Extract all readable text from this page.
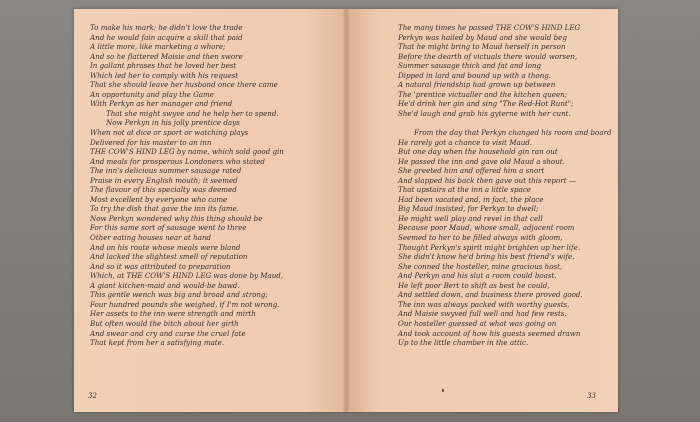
To make his mark; he didn't love the trade
And he would fain acquire a skill that paid
A little more, like marketing a whore;
And so he flattered Maisie and then swore
In gallant phrases that he loved her best
Which led her to comply with his request
That she should leave her husband once there came
An opportunity and play the Game
With Perkyn as her manager and friend
That she might swyve and he help her to spend.
Now Perkyn in his jolly prentice days
When not at dice or sport or watching plays
Delivered for his master to an inn
THE COW'S HIND LEG by name, which sold good gin
And meals for prosperous Londoners who stated
The inn's delicious summer sausage rated
Praise in every English mouth; it seemed
The flavour of this specialty was deemed
Most excellent by everyone who came
To try the dish that gave the inn its fame.
Now Perkyn wondered why this thing should be
For this same sort of sausage went to three
Other eating houses near at hand
And on his route whose meals were bland
And lacked the slightest smell of reputation
And so it was attributed to preparation
Which, at THE COW'S HIND LEG was done by Maud,
A giant kitchen-maid and would-be bawd.
This gentle wench was big and broad and strong;
Four hundred pounds she weighed, if I'm not wrong.
Her assets to the inn were strength and mirth
But often would the bitch about her girth
And swear and cry and curse the cruel fate
That kept from her a satisfying mate.
32
The many times he passed THE COW'S HIND LEG
Perkyn was hailed by Maud and she would beg
That he might bring to Maud herself in person
Before the dearth of victuals there would worsen,
Summer sausage thick and fat and long
Dipped in lard and bound up with a thong.
A natural friendship had grown up between
The 'prentice victualler and the kitchen queen;
He'd drink her gin and sing "The Red-Hot Runt";
She'd laugh and grab his gyterne with her cunt.
From the day that Perkyn changed his room and board
He rarely got a chance to visit Maud.
But one day when the household gin ran out
He passed the inn and gave old Maud a shout.
She greeted him and offered him a snort
And slapped his back then gave out this report —
That upstairs at the inn a little space
Had been vacated and, in fact, the place
Big Maud insisted, for Perkyn to dwell;
He might well play and revel in that cell
Because poor Maud, whose small, adjacent room
Seemed to her to be filled always with gloom,
Thought Perkyn's spirit might brighten up her life.
She didn't know he'd bring his best friend's wife.
She conned the hosteller, mine gracious host,
And Perkyn and his slut a room could boast.
He left poor Bert to shift as best he could,
And settled down, and business there proved good.
The inn was always packed with worthy guests,
And Maisie swyved full well and had few rests.
Our hosteller guessed at what was going on
And took account of how his guests seemed drawn
Up to the little chamber in the attic.
33
